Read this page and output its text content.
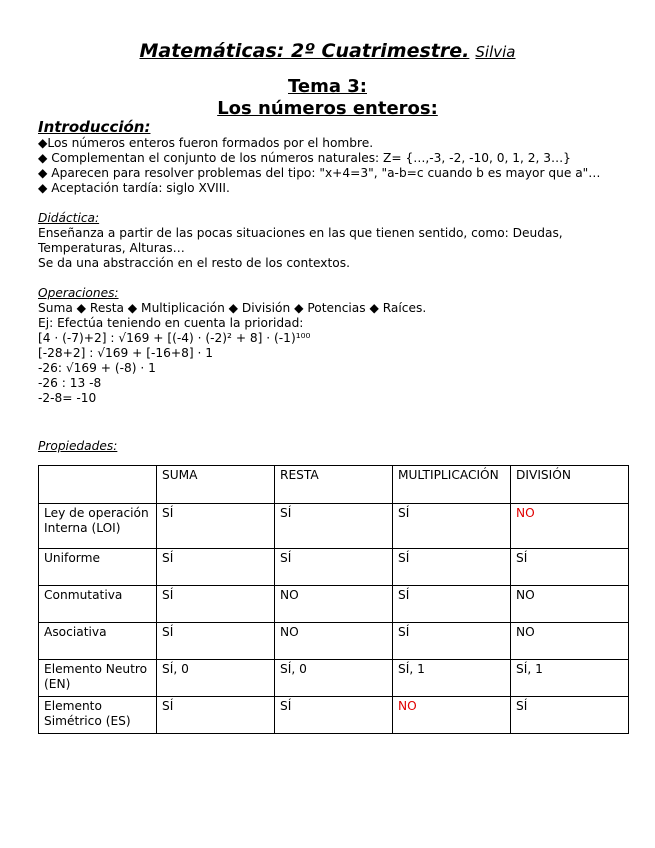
Matemáticas: 2º Cuatrimestre. Silvia
Tema 3:
Los números enteros:
Introducción:

◆Los números enteros fueron formados por el hombre.

◆ Complementan el conjunto de los números naturales: Z= {…,-3, -2, -10, 0, 1, 2, 3…}

◆ Aparecen para resolver problemas del tipo: "x+4=3", "a-b=c cuando b es mayor que a"…

◆ Aceptación tardía: siglo XVIII.

Didáctica:

Enseñanza a partir de las pocas situaciones en las que tienen sentido, como: Deudas, Temperaturas, Alturas…

Se da una abstracción en el resto de los contextos.

Operaciones:

Suma ◆ Resta ◆ Multiplicación ◆ División ◆ Potencias ◆ Raíces.

Ej: Efectúa teniendo en cuenta la prioridad:

[4 · (-7)+2] : √169 + [(-4) · (-2)² + 8] · (-1)¹⁰⁰

[-28+2] : √169 + [-16+8] · 1

-26: √169 + (-8) · 1

-26 : 13 -8

-2-8= -10

Propiedades:
	SUMA	RESTA	MULTIPLICACIÓN	DIVISIÓN
Ley de operación Interna (LOI)	SÍ	SÍ	SÍ	NO
Uniforme	SÍ	SÍ	SÍ	SÍ
Conmutativa	SÍ	NO	SÍ	NO
Asociativa	SÍ	NO	SÍ	NO
Elemento Neutro (EN)	SÍ, 0	SÍ, 0	SÍ, 1	SÍ, 1
Elemento Simétrico (ES)	SÍ	SÍ	NO	SÍ
